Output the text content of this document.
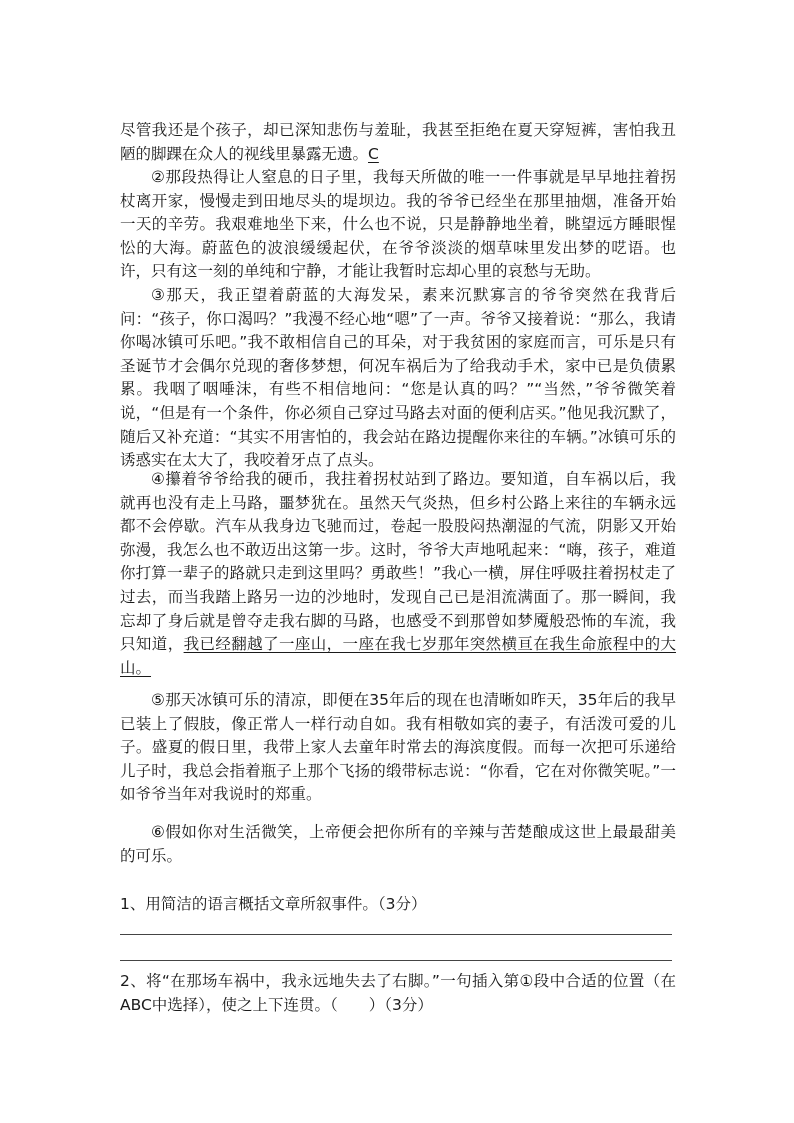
尽管我还是个孩子，却已深知悲伤与羞耻，我甚至拒绝在夏天穿短裤，害怕我丑陋的脚踝在众人的视线里暴露无遗。C
②那段热得让人窒息的日子里，我每天所做的唯一一件事就是早早地拄着拐杖离开家，慢慢走到田地尽头的堤坝边。我的爷爷已经坐在那里抽烟，准备开始一天的辛劳。我艰难地坐下来，什么也不说，只是静静地坐着，眺望远方睡眼惺忪的大海。蔚蓝色的波浪缓缓起伏，在爷爷淡淡的烟草味里发出梦的呓语。也许，只有这一刻的单纯和宁静，才能让我暂时忘却心里的哀愁与无助。
③那天，我正望着蔚蓝的大海发呆，素来沉默寡言的爷爷突然在我背后问：“孩子，你口渴吗？”我漫不经心地“嗯”了一声。爷爷又接着说：“那么，我请你喝冰镇可乐吧。”我不敢相信自己的耳朵，对于我贫困的家庭而言，可乐是只有圣诞节才会偶尔兑现的奢侈梦想，何况车祸后为了给我动手术，家中已是负债累累。我咽了咽唾沫，有些不相信地问：“您是认真的吗？”“当然，”爷爷微笑着说，“但是有一个条件，你必须自己穿过马路去对面的便利店买。”他见我沉默了，随后又补充道：“其实不用害怕的，我会站在路边提醒你来往的车辆。”冰镇可乐的诱惑实在太大了，我咬着牙点了点头。
④攥着爷爷给我的硬币，我拄着拐杖站到了路边。要知道，自车祸以后，我就再也没有走上马路，噩梦犹在。虽然天气炎热，但乡村公路上来往的车辆永远都不会停歇。汽车从我身边飞驰而过，卷起一股股闷热潮湿的气流，阴影又开始弥漫，我怎么也不敢迈出这第一步。这时，爷爷大声地吼起来：“嗨，孩子，难道你打算一辈子的路就只走到这里吗？勇敢些！”我心一横，屏住呼吸拄着拐杖走了过去，而当我踏上路另一边的沙地时，发现自己已是泪流满面了。那一瞬间，我忘却了身后就是曾夺走我右脚的马路，也感受不到那曾如梦魇般恐怖的车流，我只知道，我已经翻越了一座山，一座在我七岁那年突然横亘在我生命旅程中的大山。
⑤那天冰镇可乐的清凉，即便在35年后的现在也清晰如昨天，35年后的我早已装上了假肢，像正常人一样行动自如。我有相敬如宾的妻子，有活泼可爱的儿子。盛夏的假日里，我带上家人去童年时常去的海滨度假。而每一次把可乐递给儿子时，我总会指着瓶子上那个飞扬的缎带标志说：“你看，它在对你微笑呢。”一如爷爷当年对我说时的郑重。
⑥假如你对生活微笑，上帝便会把你所有的辛辣与苦楚酿成这世上最最甜美的可乐。
1、用简洁的语言概括文章所叙事件。（3分）
2、将“在那场车祸中，我永远地失去了右脚。”一句插入第①段中合适的位置（在ABC中选择），使之上下连贯。（　　）（3分）
